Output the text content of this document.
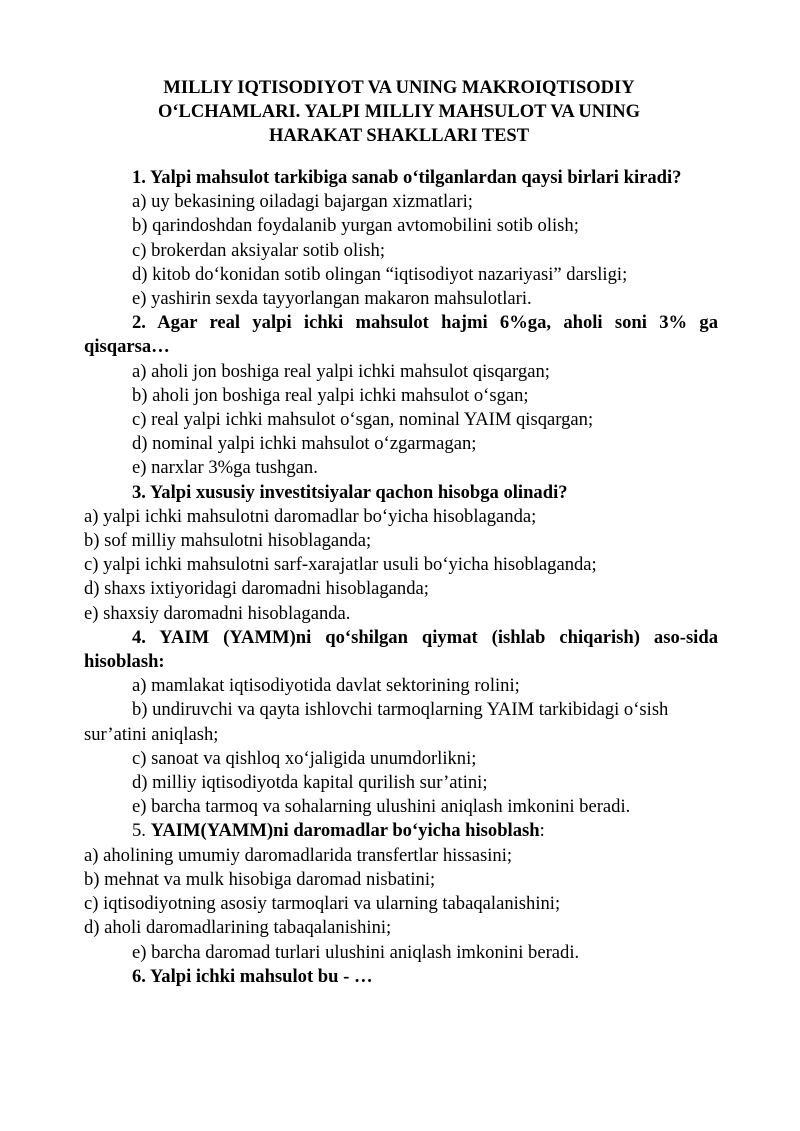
MILLIY IQTISODIYOT VA UNING MAKROIQTISODIY
O‘LCHAMLARI. YALPI MILLIY MAHSULOT VA UNING
HARAKAT SHAKLLARI TEST

1. Yalpi mahsulot tarkibiga sanab o‘tilganlardan qaysi birlari kiradi?

a) uy bekasining oiladagi bajargan xizmatlari;

b) qarindoshdan foydalanib yurgan avtomobilini sotib olish;

c) brokerdan aksiyalar sotib olish;

d) kitob do‘konidan sotib olingan “iqtisodiyot nazariyasi” darsligi;

e) yashirin sexda tayyorlangan makaron mahsulotlari.

2. Agar real yalpi ichki mahsulot hajmi 6%ga, aholi soni 3% ga qisqarsa…

a) aholi jon boshiga real yalpi ichki mahsulot qisqargan;

b) aholi jon boshiga real yalpi ichki mahsulot o‘sgan;

c) real yalpi ichki mahsulot o‘sgan, nominal YAIM qisqargan;

d) nominal yalpi ichki mahsulot o‘zgarmagan;

e) narxlar 3%ga tushgan.

3. Yalpi xususiy investitsiyalar qachon hisobga olinadi?

a) yalpi ichki mahsulotni daromadlar bo‘yicha hisoblaganda;

b) sof milliy mahsulotni hisoblaganda;

c) yalpi ichki mahsulotni sarf-xarajatlar usuli bo‘yicha hisoblaganda;

d) shaxs ixtiyoridagi daromadni hisoblaganda;

e) shaxsiy daromadni hisoblaganda.

4. YAIM (YAMM)ni qo‘shilgan qiymat (ishlab chiqarish) aso-sida hisoblash:

a) mamlakat iqtisodiyotida davlat sektorining rolini;

b) undiruvchi va qayta ishlovchi tarmoqlarning YAIM tarkibidagi o‘sish sur’atini aniqlash;

c) sanoat va qishloq xo‘jaligida unumdorlikni;

d) milliy iqtisodiyotda kapital qurilish sur’atini;

e) barcha tarmoq va sohalarning ulushini aniqlash imkonini beradi.

5. YAIM(YAMM)ni daromadlar bo‘yicha hisoblash:

a) aholining umumiy daromadlarida transfertlar hissasini;

b) mehnat va mulk hisobiga daromad nisbatini;

c) iqtisodiyotning asosiy tarmoqlari va ularning tabaqalanishini;

d) aholi daromadlarining tabaqalanishini;

e) barcha daromad turlari ulushini aniqlash imkonini beradi.

6. Yalpi ichki mahsulot bu - …
